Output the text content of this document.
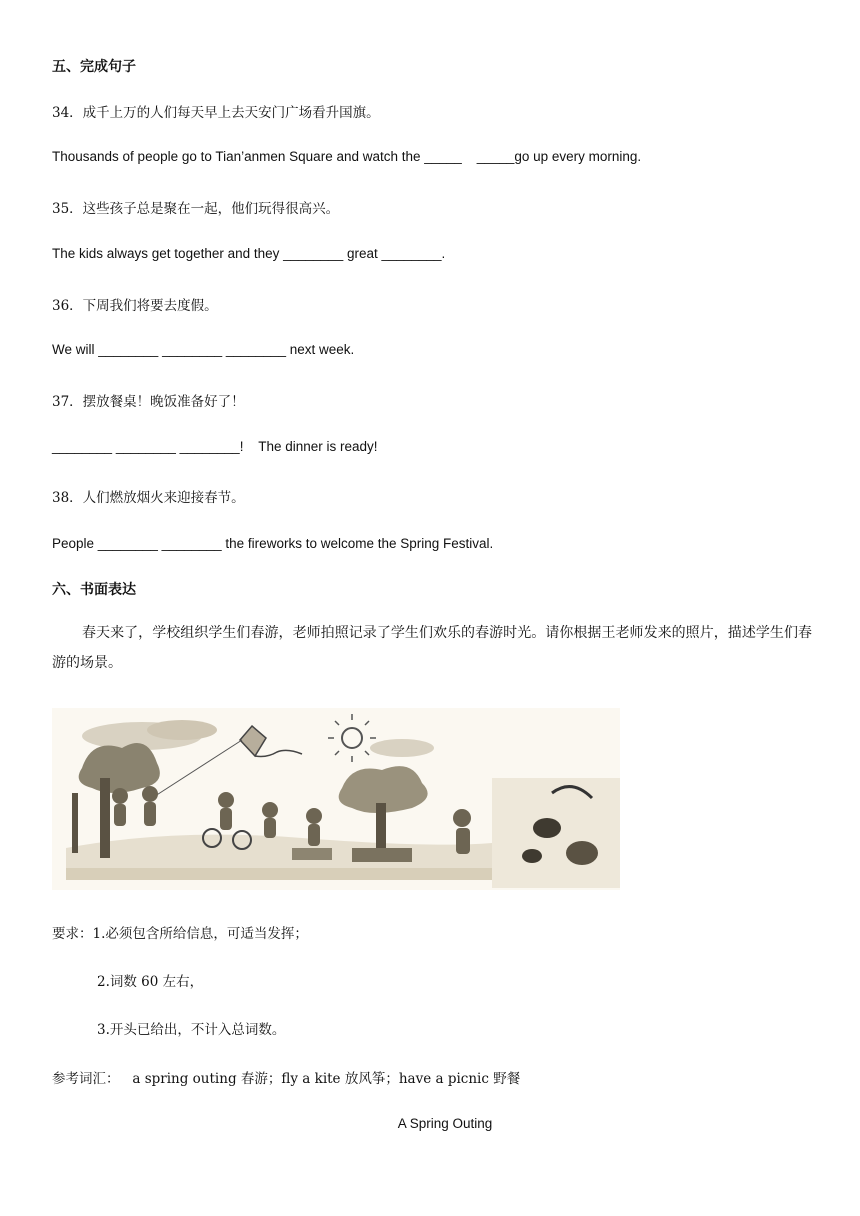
五、完成句子
34．成千上万的人们每天早上去天安门广场看升国旗。
Thousands of people go to Tian’anmen Square and watch the _____    _____go up every morning.
35．这些孩子总是聚在一起，他们玩得很高兴。
The kids always get together and they ________ great ________.
36．下周我们将要去度假。
We will ________ ________ ________ next week.
37．摆放餐桌！晚饭准备好了！
________ ________ ________!    The dinner is ready!
38．人们燃放烟火来迎接春节。
People ________ ________ the fireworks to welcome the Spring Festival.
六、书面表达
春天来了，学校组织学生们春游，老师拍照记录了学生们欢乐的春游时光。请你根据王老师发来的照片，描述学生们春游的场景。
要求：1.必须包含所给信息，可适当发挥；
2.词数 60 左右，
3.开头已给出，不计入总词数。
参考词汇：   a spring outing 春游；fly a kite 放风筝；have a picnic 野餐
A Spring Outing
